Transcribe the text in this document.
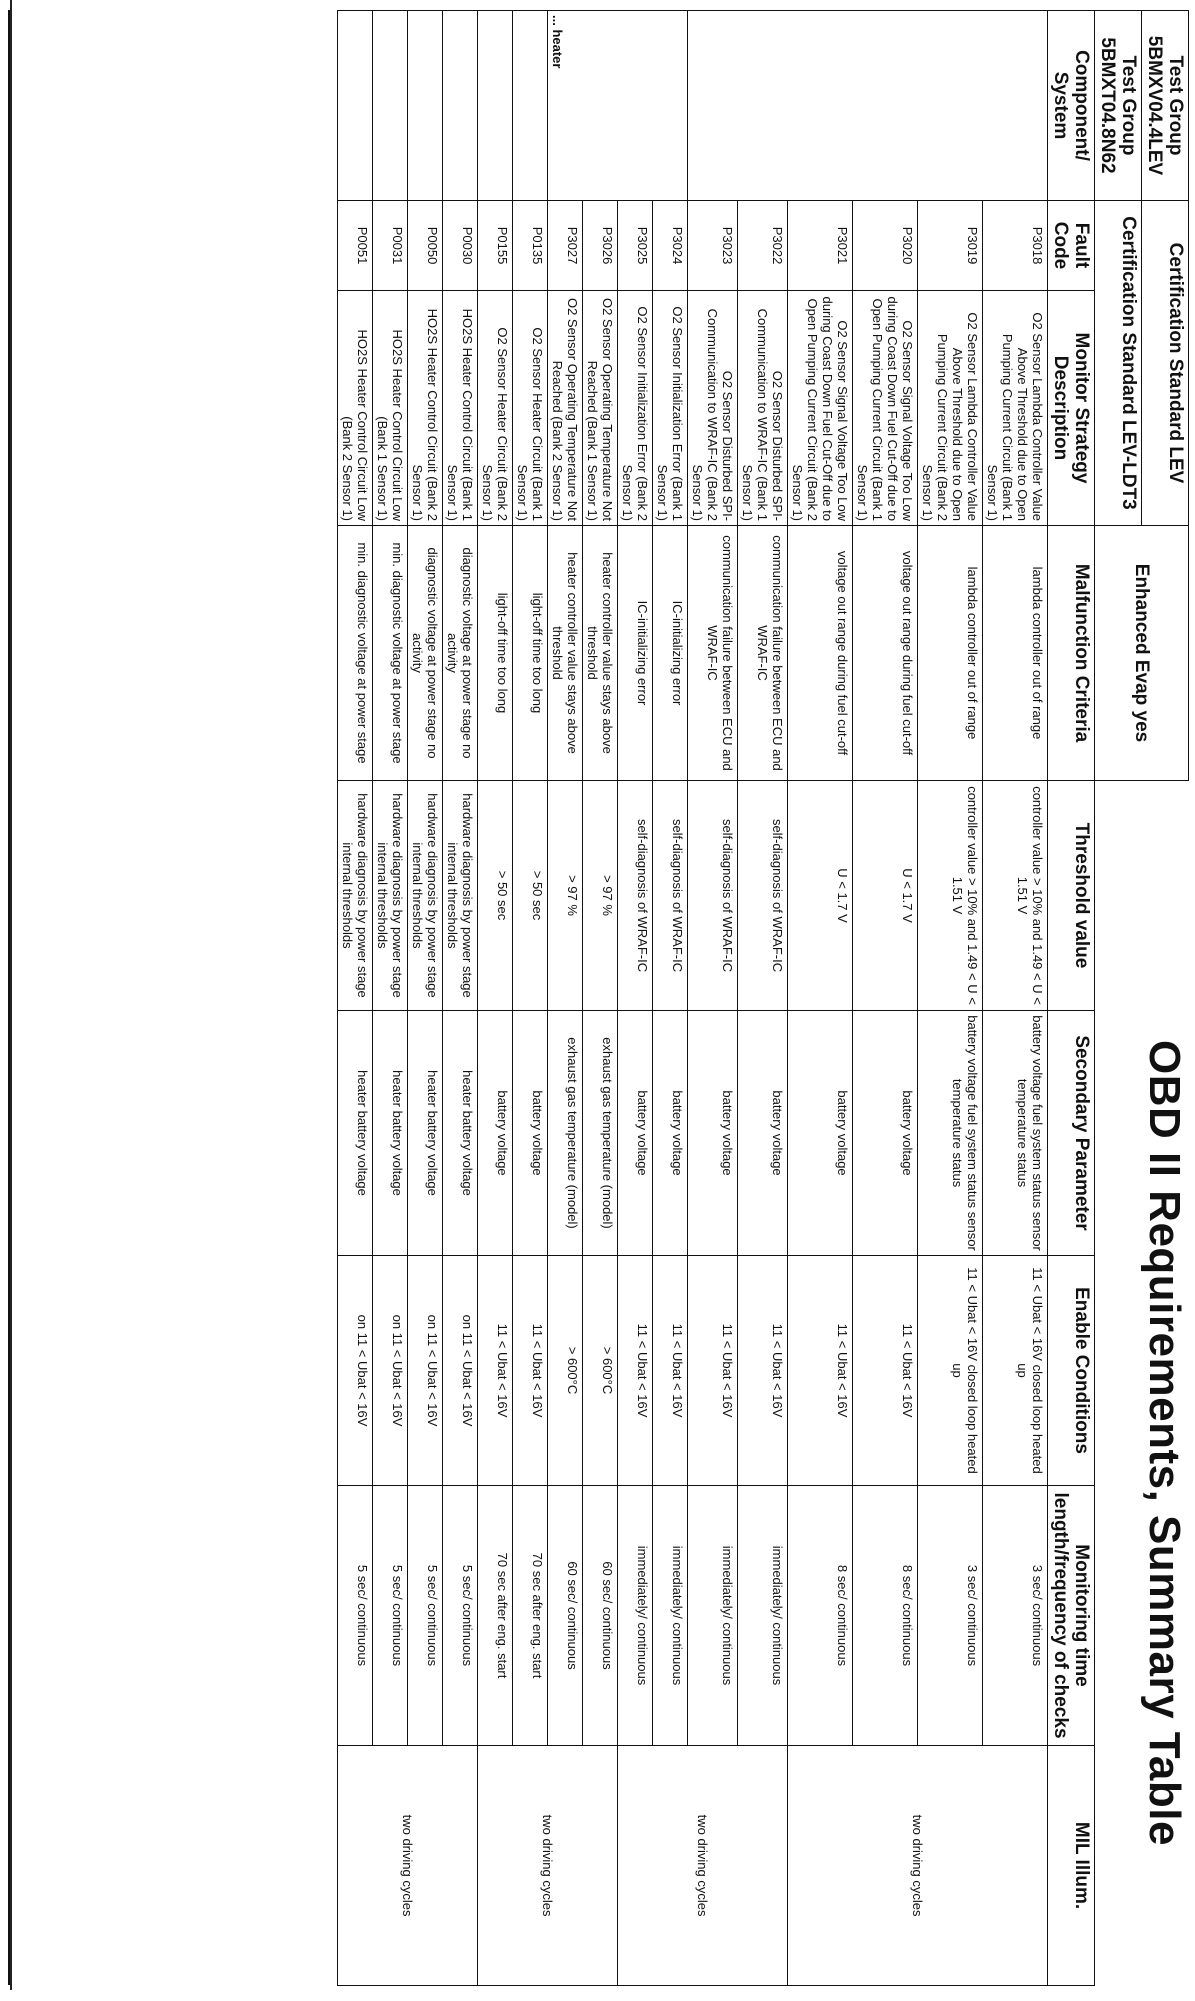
OBD II Requirements, Summary Table
Test Group 5BMXV04.4LEV	Certification Standard LEV		Enhanced Evap yes					
Test Group 5BMXT04.8N62	Certification Standard LEV-LDT3							
Component/ System	Fault Code	Monitor Strategy Description	Malfunction Criteria	Threshold value	Secondary Parameter	Enable Conditions	Monitoring time length/frequency of checks	MIL Illum.
	P3018	O2 Sensor Lambda Controller Value Above Threshold due to Open Pumping Current Circuit (Bank 1 Sensor 1)	lambda controller out of range	controller value > 10% and 1.49 < U < 1.51 V	battery voltage fuel system status sensor temperature status	11 < Ubat < 16V closed loop heated up	3 sec/ continuous	two driving cycles
	P3019	O2 Sensor Lambda Controller Value Above Threshold due to Open Pumping Current Circuit (Bank 2 Sensor 1)	lambda controller out of range	controller value > 10% and 1.49 < U < 1.51 V	battery voltage fuel system status sensor temperature status	11 < Ubat < 16V closed loop heated up	3 sec/ continuous	
	P3020	O2 Sensor Signal Voltage Too Low during Coast Down Fuel Cut-Off due to Open Pumping Current Circuit (Bank 1 Sensor 1)	voltage out range during fuel cut-off	U < 1.7 V	battery voltage	11 < Ubat < 16V	8 sec/ continuous	
	P3021	O2 Sensor Signal Voltage Too Low during Coast Down Fuel Cut-Off due to Open Pumping Current Circuit (Bank 2 Sensor 1)	voltage out range during fuel cut-off	U < 1.7 V	battery voltage	11 < Ubat < 16V	8 sec/ continuous	
	P3022	O2 Sensor Disturbed SPI-Communication to WRAF-IC (Bank 1 Sensor 1)	communication failure between ECU and WRAF-IC	self-diagnosis of WRAF-IC	battery voltage	11 < Ubat < 16V	immediately/ continuous	two driving cycles
	P3023	O2 Sensor Disturbed SPI-Communication to WRAF-IC (Bank 2 Sensor 1)	communication failure between ECU and WRAF-IC	self-diagnosis of WRAF-IC	battery voltage	11 < Ubat < 16V	immediately/ continuous	
... heater	P3024	O2 Sensor Initialization Error (Bank 1 Sensor 1)	IC-initializing error	self-diagnosis of WRAF-IC	battery voltage	11 < Ubat < 16V	immediately/ continuous	
	P3025	O2 Sensor Initialization Error (Bank 2 Sensor 1)	IC-initializing error	self-diagnosis of WRAF-IC	battery voltage	11 < Ubat < 16V	immediately/ continuous	
	P3026	O2 Sensor Operating Temperature Not Reached (Bank 1 Sensor 1)	heater controller value stays above threshold	> 97 %	exhaust gas temperature (model)	> 600°C	60 sec/ continuous	two driving cycles
	P3027	O2 Sensor Operating Temperature Not Reached (Bank 2 Sensor 1)	heater controller value stays above threshold	> 97 %	exhaust gas temperature (model)	> 600°C	60 sec/ continuous	
	P0135	O2 Sensor Heater Circuit (Bank 1 Sensor 1)	light-off time too long	> 50 sec	battery voltage	11 < Ubat < 16V	70 sec after eng. start	
	P0155	O2 Sensor Heater Circuit (Bank 2 Sensor 1)	light-off time too long	> 50 sec	battery voltage	11 < Ubat < 16V	70 sec after eng. start	
	P0030	HO2S Heater Control Circuit (Bank 1 Sensor 1)	diagnostic voltage at power stage no activity	hardware diagnosis by power stage internal thresholds	heater battery voltage	on 11 < Ubat < 16V	5 sec/ continuous	two driving cycles
	P0050	HO2S Heater Control Circuit (Bank 2 Sensor 1)	diagnostic voltage at power stage no activity	hardware diagnosis by power stage internal thresholds	heater battery voltage	on 11 < Ubat < 16V	5 sec/ continuous	
	P0031	HO2S Heater Control Circuit Low (Bank 1 Sensor 1)	min. diagnostic voltage at power stage	hardware diagnosis by power stage internal thresholds	heater battery voltage	on 11 < Ubat < 16V	5 sec/ continuous	
	P0051	HO2S Heater Control Circuit Low (Bank 2 Sensor 1)	min. diagnostic voltage at power stage	hardware diagnosis by power stage internal thresholds	heater battery voltage	on 11 < Ubat < 16V	5 sec/ continuous	
